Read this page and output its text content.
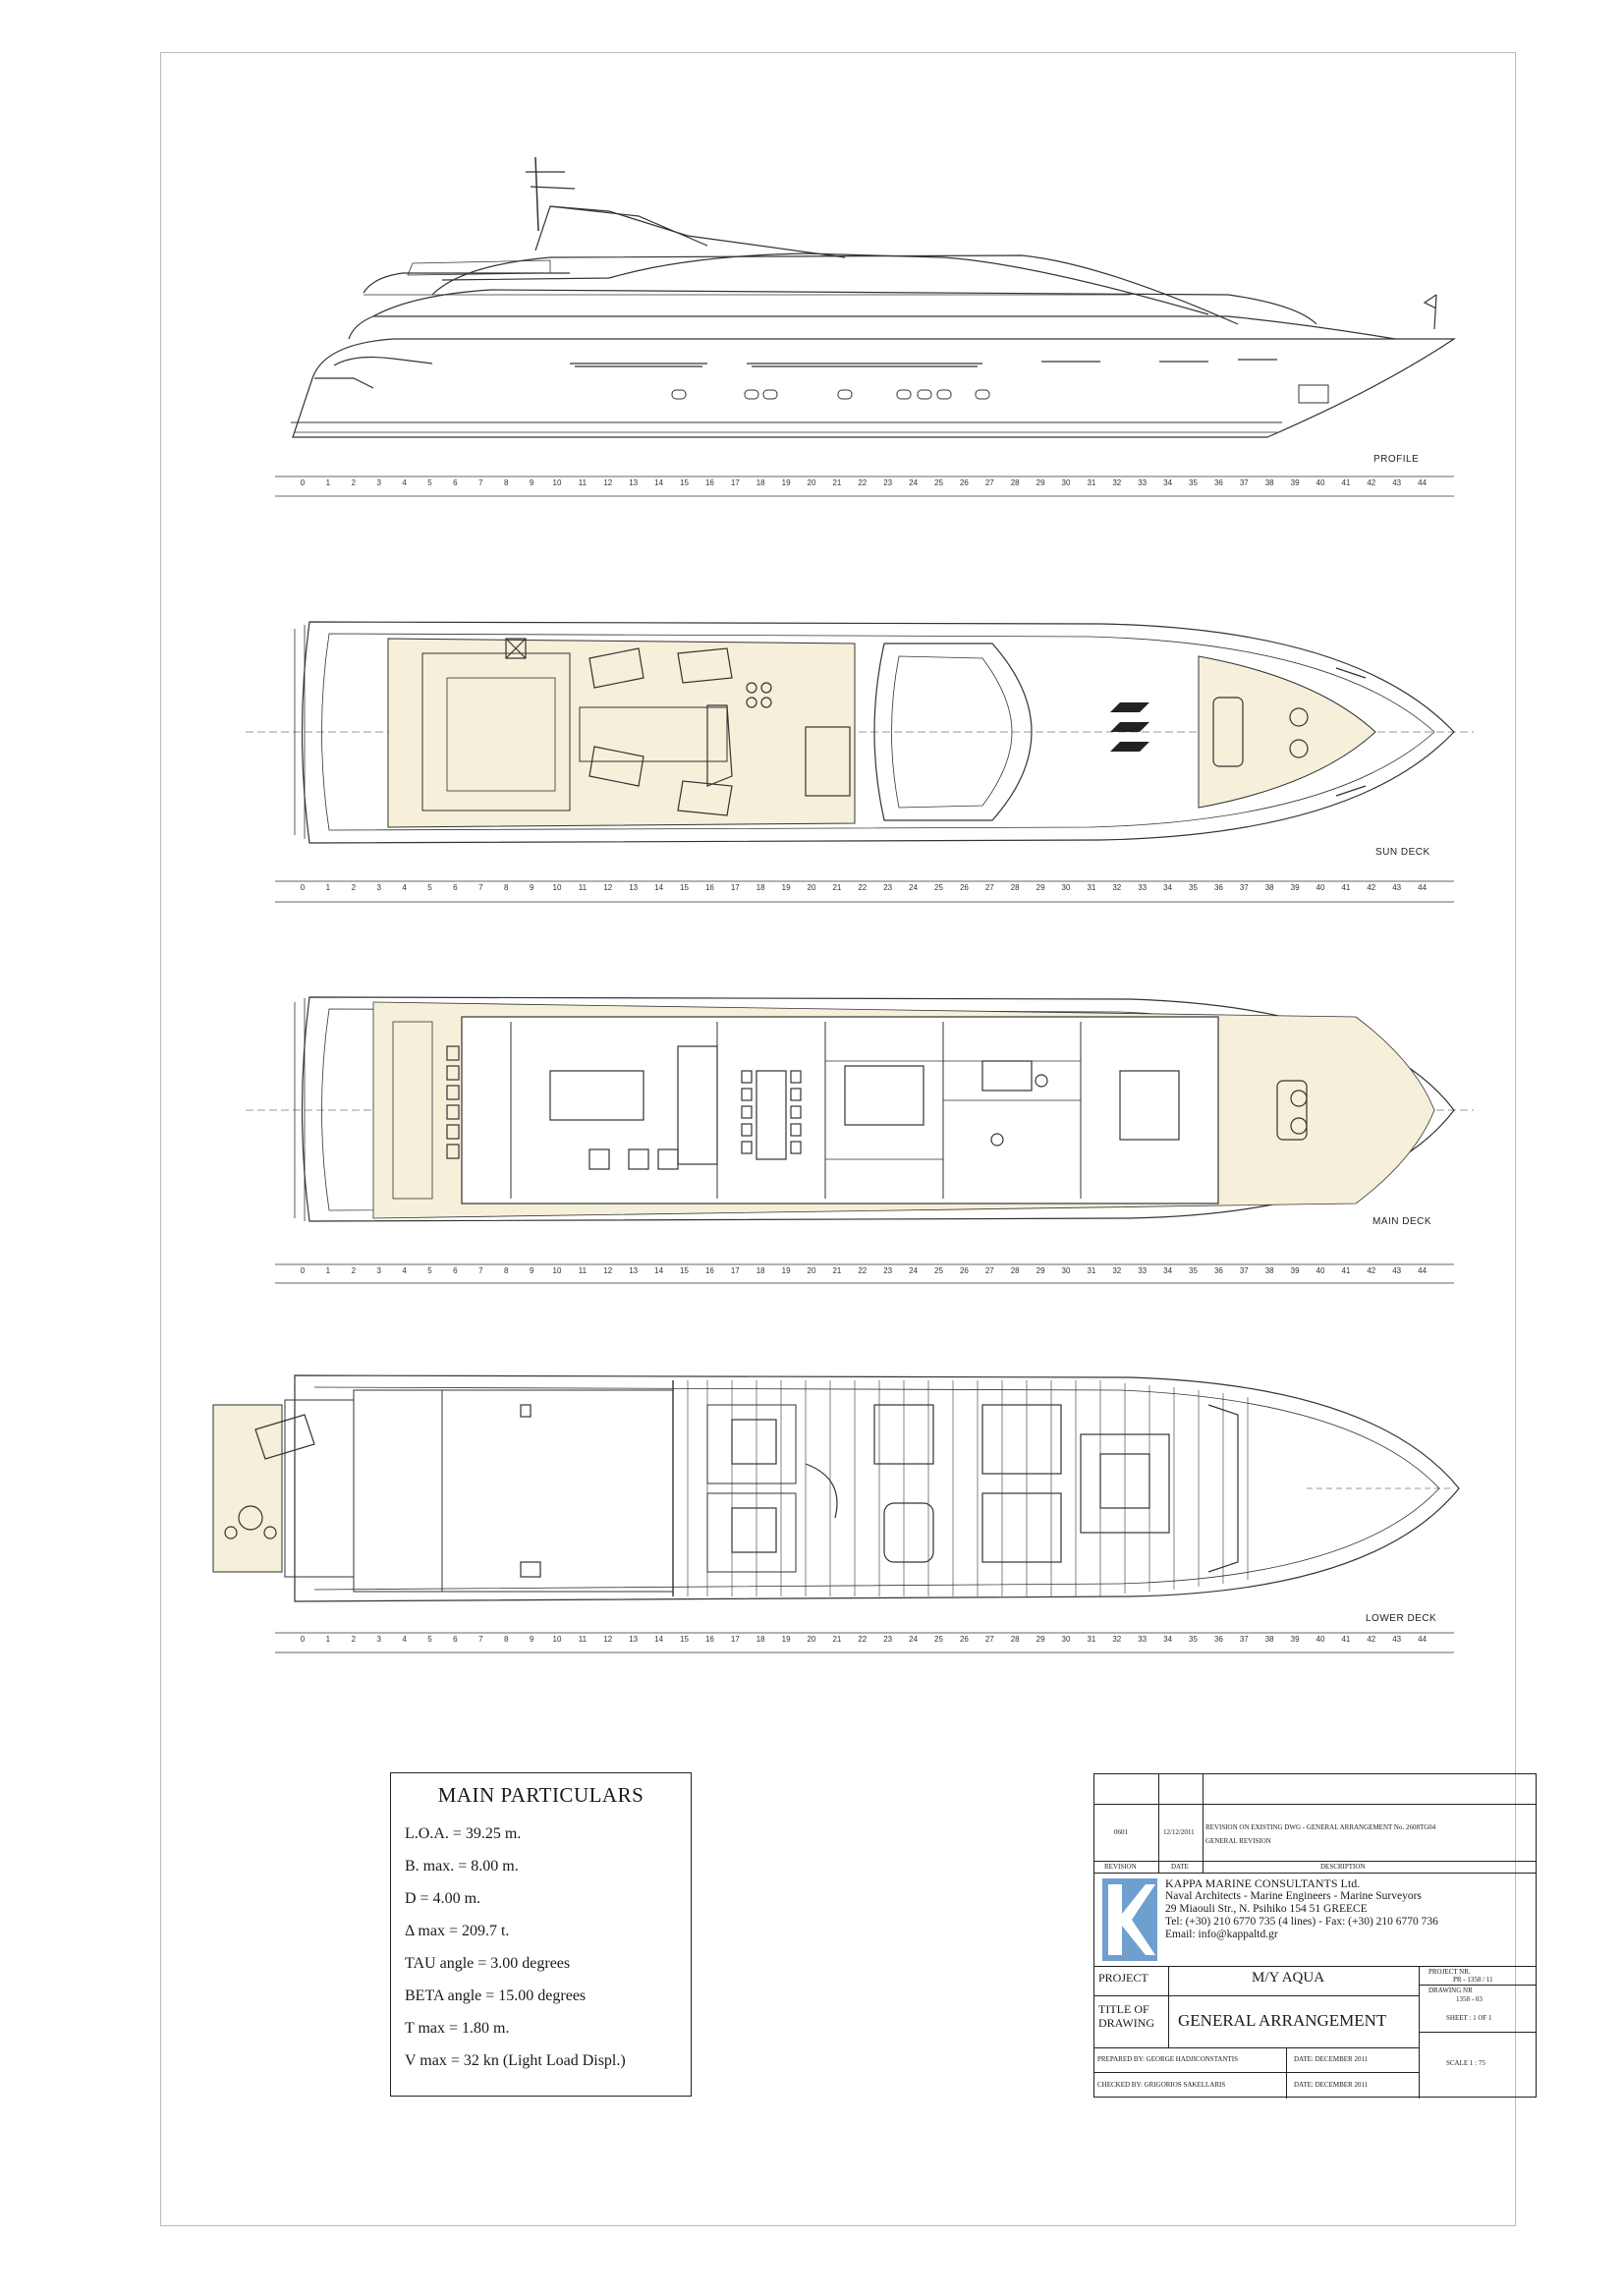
PROFILE
SUN DECK
MAIN DECK
LOWER DECK
0	1	2	3	4	5	6	7	8	9 10 11 12 13 14 15 16 17 18 19 20 21 22 23 24 25 26 27 28 29 30 31 32 33 34 35 36 37 38 39 40 41 42 43 44
0	1	2	3	4	5	6	7	8	9 10 11 12 13 14 15 16 17 18 19 20 21 22 23 24 25 26 27 28 29 30 31 32 33 34 35 36 37 38 39 40 41 42 43 44
0	1	2	3	4	5	6	7	8	9 10 11 12 13 14 15 16 17 18 19 20 21 22 23 24 25 26 27 28 29 30 31 32 33 34 35 36 37 38 39 40 41 42 43 44
0	1	2	3	4	5	6	7	8	9 10 11 12 13 14 15 16 17 18 19 20 21 22 23 24 25 26 27 28 29 30 31 32 33 34 35 36 37 38 39 40 41 42 43 44
MAIN PARTICULARS
L.O.A. = 39.25 m.
B. max. = 8.00 m.
D = 4.00 m.
Δ max = 209.7 t.
TAU angle = 3.00 degrees
BETA angle = 15.00 degrees
T max = 1.80 m.
V max = 32 kn (Light Load Displ.)
0601	12/12/2011
REVISION ON EXISTING DWG - GENERAL ARRANGEMENT No. 2608TG04
GENERAL REVISION
REVISION	DATE	DESCRIPTION
KAPPA MARINE CONSULTANTS Ltd.
Naval Architects - Marine Engineers - Marine Surveyors
29 Miaouli Str., N. Psihiko 154 51 GREECE
Tel: (+30) 210 6770 735 (4 lines) - Fax: (+30) 210 6770 736
Email: info@kappaltd.gr
PROJECT	M/Y AQUA	PROJECT NR.
PR - 1358 / 11
TITLE OF
DRAWING GENERAL ARRANGEMENT
DRAWING NR
1358 - 03
SHEET : 1 OF 1
PREPARED BY: GEORGE HADJICONSTANTIS	DATE: DECEMBER 2011
CHECKED BY: GRIGORIOS SAKELLARIS	DATE: DECEMBER 2011
SCALE 1 : 75
